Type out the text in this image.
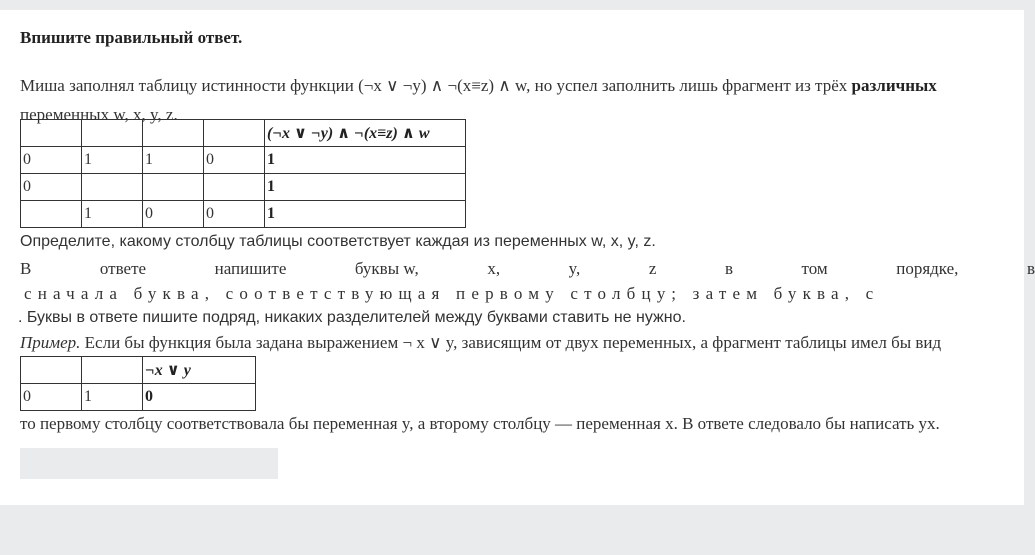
Впишите правильный ответ.
Миша заполнял таблицу истинности функции (¬x ∨ ¬y) ∧ ¬(x≡z) ∧ w, но успел заполнить лишь фрагмент из трёх различных
переменных w, x, y, z.
				(¬x ∨ ¬y) ∧ ¬(x≡z) ∧ w
0	1	1	0	1
0				1
	1	0	0	1
Определите, какому столбцу таблицы соответствует каждая из переменных w, x, y, z.
В	ответе	напишите	буквы w,	x,	y,	z	в	том	порядке,	в
сначала буква, соответствующая первому столбцу; затем буква, с
. Буквы в ответе пишите подряд, никаких разделителей между буквами ставить не нужно.
Пример. Если бы функция была задана выражением ¬ x ∨ y, зависящим от двух переменных, а фрагмент таблицы имел бы вид
		¬x ∨ y
0	1	0
то первому столбцу соответствовала бы переменная y, а второму столбцу — переменная x. В ответе следовало бы написать yx.
